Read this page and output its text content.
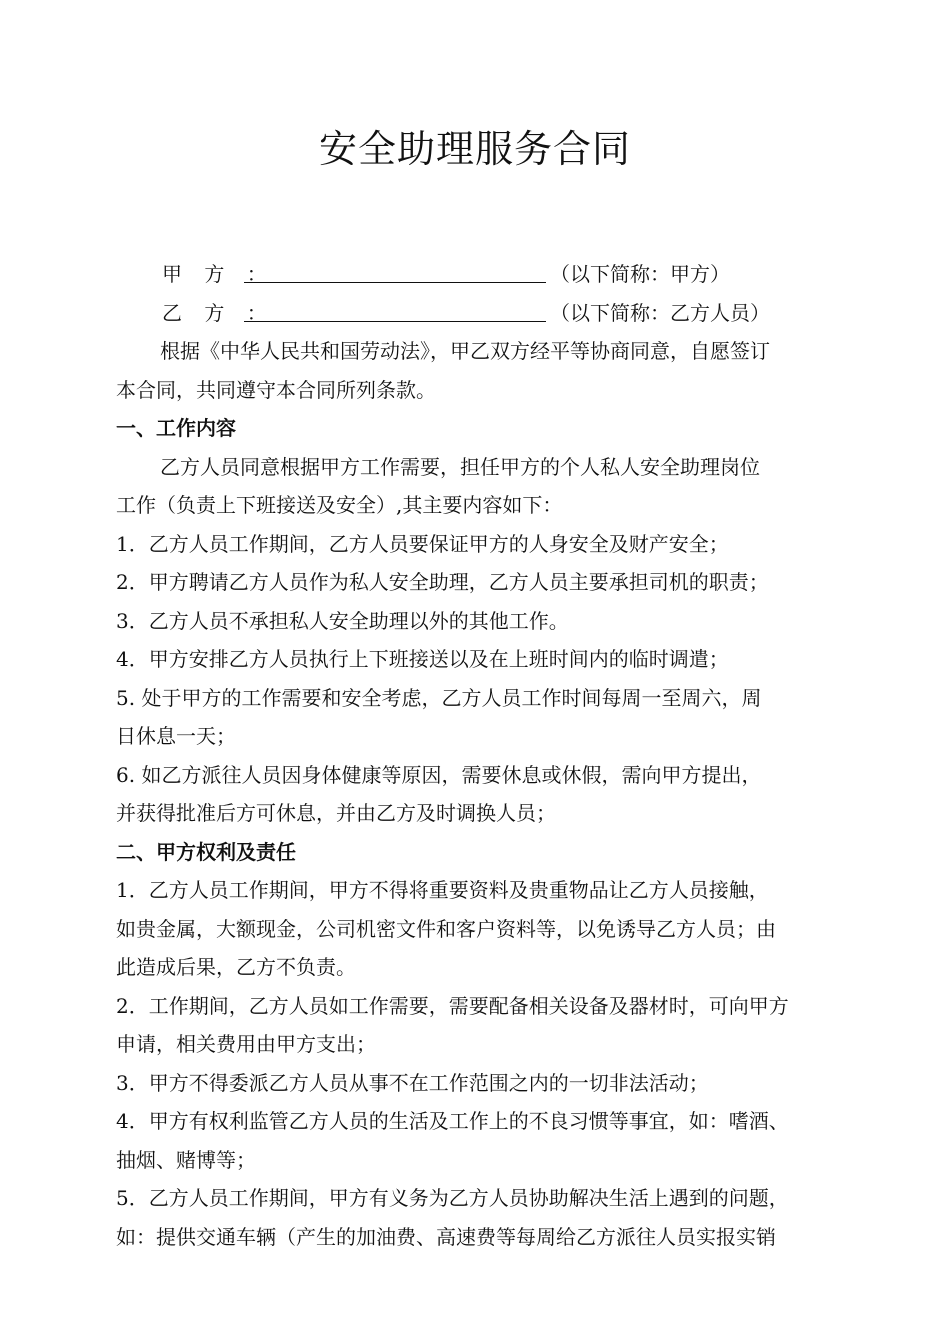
安全助理服务合同
甲 方 ：	（以下简称：甲方）
乙 方 ：	（以下简称：乙方人员）
根据《中华人民共和国劳动法》，甲乙双方经平等协商同意，自愿签订
本合同，共同遵守本合同所列条款。
一、工作内容
乙方人员同意根据甲方工作需要，担任甲方的个人私人安全助理岗位
工作（负责上下班接送及安全）,其主要内容如下：
1．乙方人员工作期间，乙方人员要保证甲方的人身安全及财产安全；
2．甲方聘请乙方人员作为私人安全助理，乙方人员主要承担司机的职责；
3．乙方人员不承担私人安全助理以外的其他工作。
4．甲方安排乙方人员执行上下班接送以及在上班时间内的临时调遣；
5. 处于甲方的工作需要和安全考虑，乙方人员工作时间每周一至周六，周
日休息一天；
6. 如乙方派往人员因身体健康等原因，需要休息或休假，需向甲方提出，
并获得批准后方可休息，并由乙方及时调换人员；
二、甲方权利及责任
1．乙方人员工作期间，甲方不得将重要资料及贵重物品让乙方人员接触，
如贵金属，大额现金，公司机密文件和客户资料等，以免诱导乙方人员；由
此造成后果，乙方不负责。
2．工作期间，乙方人员如工作需要，需要配备相关设备及器材时，可向甲方
申请，相关费用由甲方支出；
3．甲方不得委派乙方人员从事不在工作范围之内的一切非法活动；
4．甲方有权利监管乙方人员的生活及工作上的不良习惯等事宜，如：嗜酒、
抽烟、赌博等；
5．乙方人员工作期间，甲方有义务为乙方人员协助解决生活上遇到的问题，
如：提供交通车辆（产生的加油费、高速费等每周给乙方派往人员实报实销
